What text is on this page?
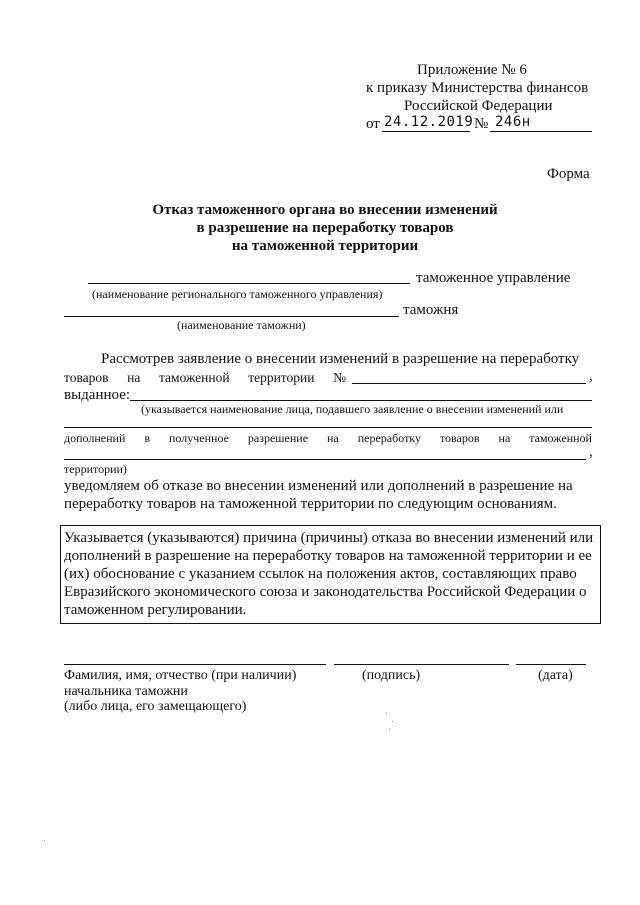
Приложение № 6
к приказу Министерства финансов
Российской Федерации
от 24.12.2019 № 246н
Форма
Отказ таможенного органа во внесении изменений
в разрешение на переработку товаров
на таможенной территории
таможенное управление
(наименование регионального таможенного управления)
таможня
(наименование таможни)
Рассмотрев заявление о внесении изменений в разрешение на переработку
товаров на таможенной территории №	,
выданное:
(указывается наименование лица, подавшего заявление о внесении изменений или
дополнений в полученное разрешение на переработку товаров на таможенной
,
территории)
уведомляем об отказе во внесении изменений или дополнений в разрешение на
переработку товаров на таможенной территории по следующим основаниям.
Указывается (указываются) причина (причины) отказа во внесении изменений или
дополнений в разрешение на переработку товаров на таможенной территории и ее
(их) обоснование с указанием ссылок на положения актов, составляющих право
Евразийского экономического союза и законодательства Российской Федерации о
таможенном регулировании.
Фамилия, имя, отчество (при наличии)	(подпись)	(дата)
начальника таможни
(либо лица, его замещающего)
